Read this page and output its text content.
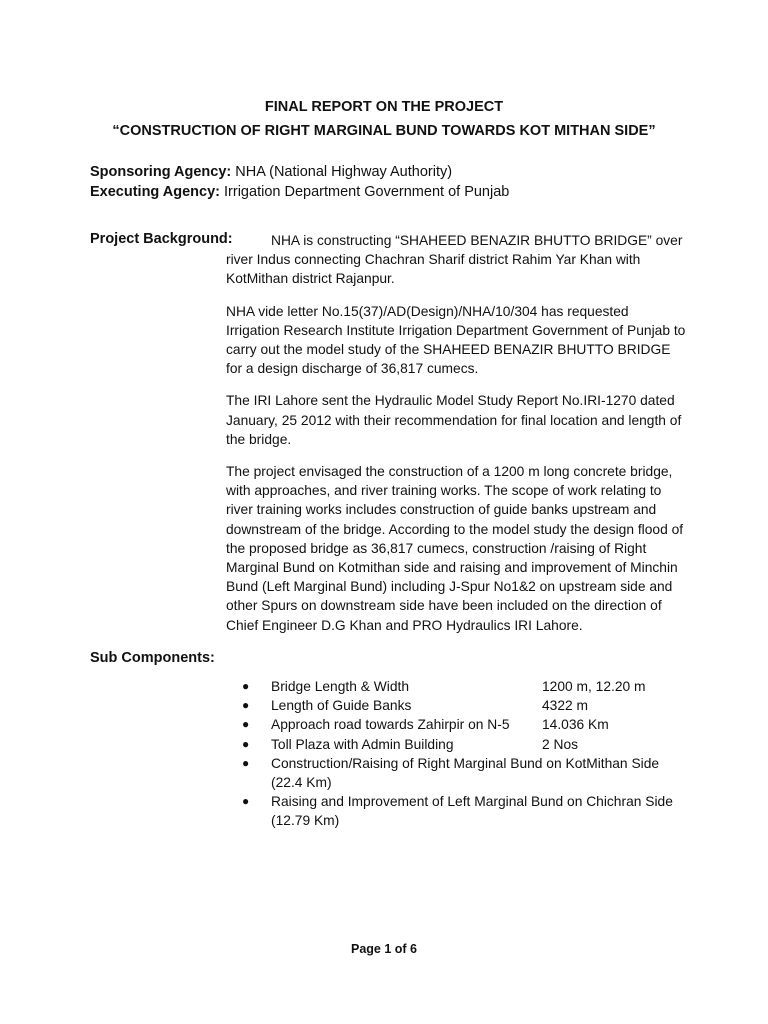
FINAL REPORT ON THE PROJECT
“CONSTRUCTION OF RIGHT MARGINAL BUND TOWARDS KOT MITHAN SIDE”
Sponsoring Agency: NHA (National Highway Authority)
Executing Agency: Irrigation Department Government of Punjab
Project Background:	NHA is constructing “SHAHEED BENAZIR BHUTTO BRIDGE” over river Indus connecting Chachran Sharif district Rahim Yar Khan with KotMithan district Rajanpur.

NHA vide letter No.15(37)/AD(Design)/NHA/10/304 has requested Irrigation Research Institute Irrigation Department Government of Punjab to carry out the model study of the SHAHEED BENAZIR BHUTTO BRIDGE for a design discharge of 36,817 cumecs.

The IRI Lahore sent the Hydraulic Model Study Report No.IRI-1270 dated January, 25 2012 with their recommendation for final location and length of the bridge.

The project envisaged the construction of a 1200 m long concrete bridge, with approaches, and river training works. The scope of work relating to river training works includes construction of guide banks upstream and downstream of the bridge. According to the model study the design flood of the proposed bridge as 36,817 cumecs, construction /raising of Right Marginal Bund on Kotmithan side and raising and improvement of Minchin Bund (Left Marginal Bund) including J-Spur No1&2 on upstream side and other Spurs on downstream side have been included on the direction of Chief Engineer D.G Khan and PRO Hydraulics IRI Lahore.

Sub Components:
● Bridge Length & Width	1200 m, 12.20 m
● Length of Guide Banks	4322 m
● Approach road towards Zahirpir on N-5	14.036 Km
● Toll Plaza with Admin Building	2 Nos
● Construction/Raising of Right Marginal Bund on KotMithan Side
(22.4 Km)
● Raising and Improvement of Left Marginal Bund on Chichran Side
(12.79 Km)
Page 1 of 6
